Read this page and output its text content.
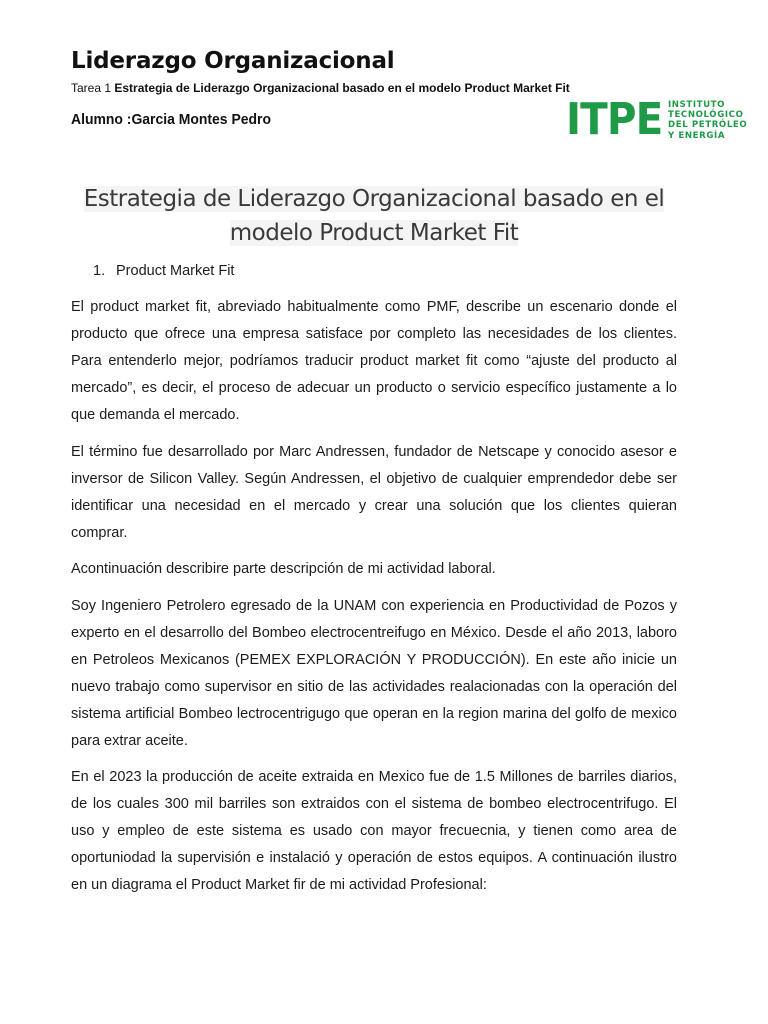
Liderazgo Organizacional
Tarea 1 Estrategia de Liderazgo Organizacional basado en el modelo Product Market Fit
Alumno :Garcia Montes Pedro	ITPE INSTITUTO
TECNOLÓGICO
DEL PETRÓLEO
Y ENERGÍA
Estrategia de Liderazgo Organizacional basado en el
modelo Product Market Fit
1. Product Market Fit

El product market fit, abreviado habitualmente como PMF, describe un escenario donde el producto que ofrece una empresa satisface por completo las necesidades de los clientes. Para entenderlo mejor, podríamos traducir product market fit como “ajuste del producto al mercado”, es decir, el proceso de adecuar un producto o servicio específico justamente a lo que demanda el mercado.

El término fue desarrollado por Marc Andressen, fundador de Netscape y conocido asesor e inversor de Silicon Valley. Según Andressen, el objetivo de cualquier emprendedor debe ser identificar una necesidad en el mercado y crear una solución que los clientes quieran comprar.

Acontinuación describire parte descripción de mi actividad laboral.

Soy Ingeniero Petrolero egresado de la UNAM con experiencia en Productividad de Pozos y experto en el desarrollo del Bombeo electrocentreifugo en México. Desde el año 2013, laboro en Petroleos Mexicanos (PEMEX EXPLORACIÓN Y PRODUCCIÓN). En este año inicie un nuevo trabajo como supervisor en sitio de las actividades realacionadas con la operación del sistema artificial Bombeo lectrocentrigugo que operan en la region marina del golfo de mexico para extrar aceite.

En el 2023 la producción de aceite extraida en Mexico fue de 1.5 Millones de barriles diarios, de los cuales 300 mil barriles son extraidos con el sistema de bombeo electrocentrifugo. El uso y empleo de este sistema es usado con mayor frecuecnia, y tienen como area de oportuniodad la supervisión e instalació y operación de estos equipos. A continuación ilustro en un diagrama el Product Market fir de mi actividad Profesional:
